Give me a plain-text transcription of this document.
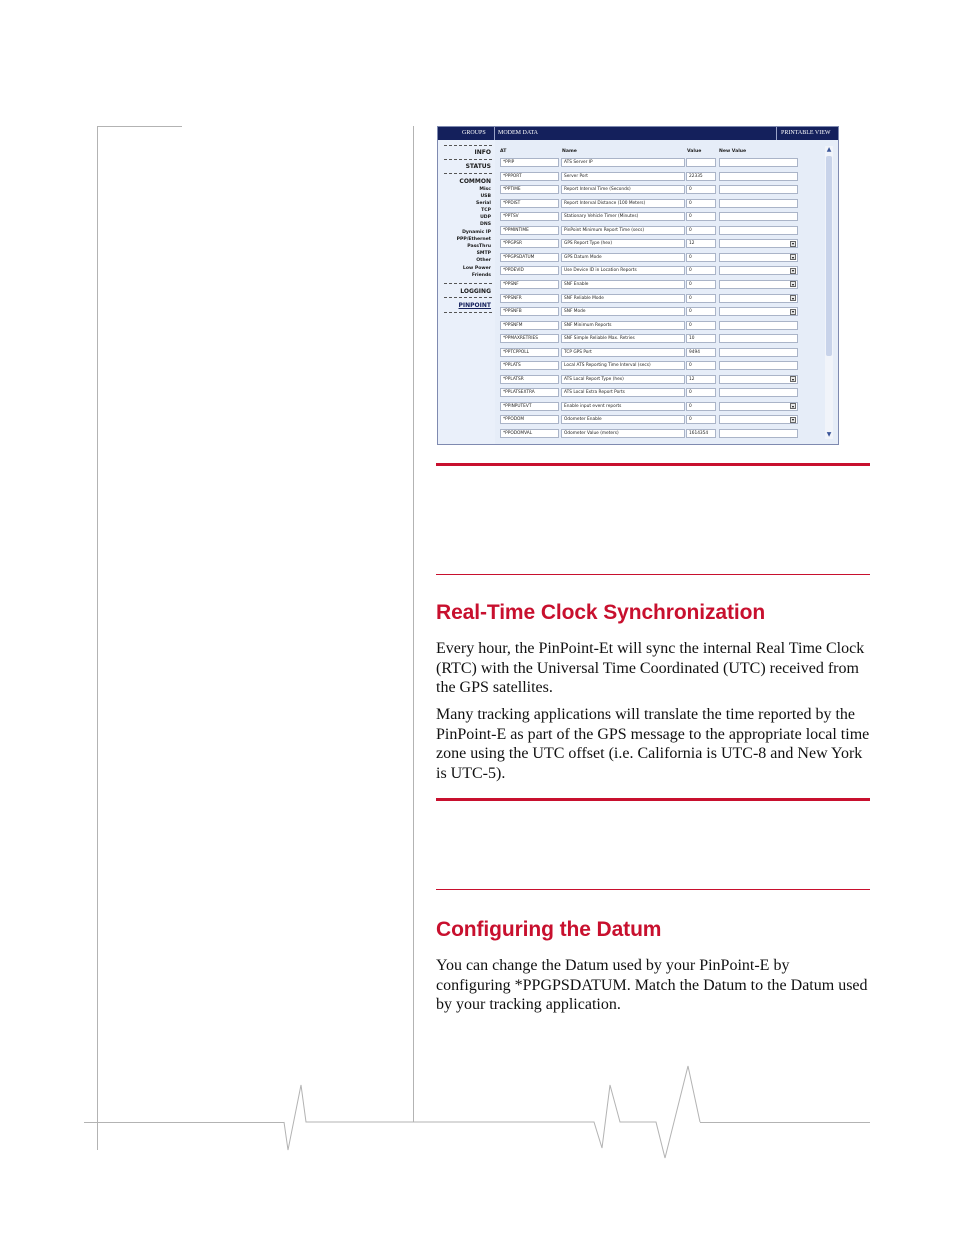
GROUPS MODEM DATA	PRINTABLE VIEW
INFO
STATUS
COMMON
Misc
USB
Serial
TCP
UDP
DNS
Dynamic IP
PPP/Ethernet
PassThru
SMTP
Other
Low Power
Friends
LOGGING
PINPOINT
AT	Name	Value	New Value
*PPIP	ATS Server IP
*PPPORT	Server Port	22335
*PPTIME	Report Interval Time (Seconds)	0
*PPDIST	Report Interval Distance (100 Meters)	0
*PPTSV	Stationary Vehicle Timer (Minutes)	0
*PPMINTIME	PinPoint Minimum Report Time (secs)	0
*PPGPSR	GPS Report Type (hex)	12
*PPGPSDATUM	GPS Datum Mode	0
*PPDEVID	Use Device ID in Location Reports	0
*PPSNF	SNF Enable	0
*PPSNFR	SNF Reliable Mode	0
*PPSNFB	SNF Mode	0
*PPSNFM	SNF Minimum Reports	0
*PPMAXRETRIES	SNF Simple Reliable Max. Retries	10
*PPTCPPOLL	TCP GPS Port	9494
*PPLATS	Local ATS Reporting Time Interval (secs)	0
*PPLATSR	ATS Local Report Type (hex)	12
*PPLATSEXTRA	ATS Local Extra Report Ports	0
*PPINPUTEVT	Enable input event reports	0
*PPODOM	Odometer Enable	0
*PPODOMVAL	Odometer Value (meters)	1614354
▲
▼
Real-Time Clock Synchronization

Every hour, the PinPoint-Et will sync the internal Real Time Clock (RTC) with the Universal Time Coordinated (UTC) received from the GPS satellites.

Many tracking applications will translate the time reported by the PinPoint-E as part of the GPS message to the appropriate local time zone using the UTC offset (i.e. California is UTC-8 and New York is UTC-5).

Configuring the Datum

You can change the Datum used by your PinPoint-E by configuring *PPGPSDATUM. Match the Datum to the Datum used by your tracking application.
